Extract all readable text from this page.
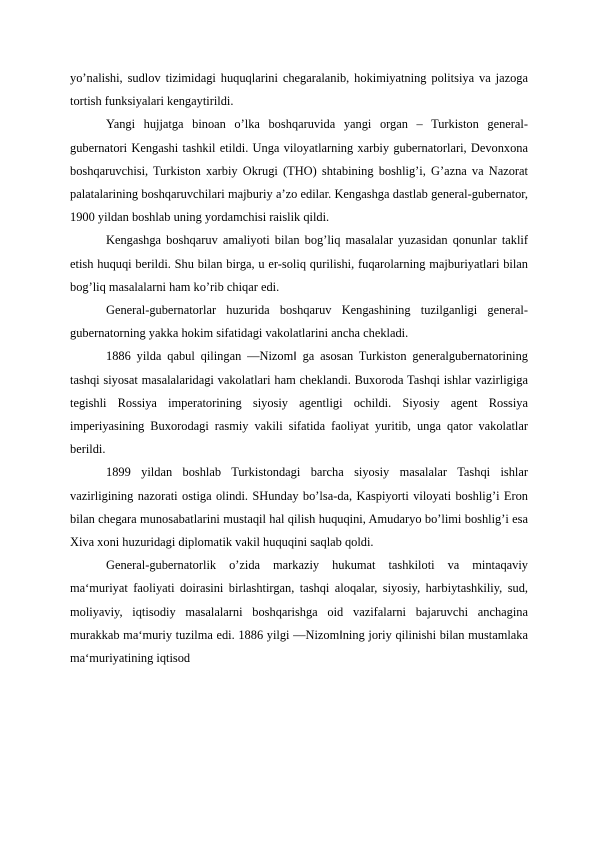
yo’nalishi, sudlov tizimidagi huquqlarini chegaralanib, hokimiyatning politsiya va jazoga tortish funksiyalari kengaytirildi.

Yangi hujjatga binoan o’lka boshqaruvida yangi organ – Turkiston general-gubernatori Kengashi tashkil etildi. Unga viloyatlarning xarbiy gubernatorlari, Devonxona boshqaruvchisi, Turkiston xarbiy Okrugi (THO) shtabining boshlig’i, G’azna va Nazorat palatalarining boshqaruvchilari majburiy a’zo edilar. Kengashga dastlab general-gubernator, 1900 yildan boshlab uning yordamchisi raislik qildi.

Kengashga boshqaruv amaliyoti bilan bog’liq masalalar yuzasidan qonunlar taklif etish huquqi berildi. Shu bilan birga, u er-soliq qurilishi, fuqarolarning majburiyatlari bilan bog’liq masalalarni ham ko’rib chiqar edi.

General-gubernatorlar huzurida boshqaruv Kengashining tuzilganligi general-gubernatorning yakka hokim sifatidagi vakolatlarini ancha chekladi.

1886 yilda qabul qilingan ―Nizom‖ ga asosan Turkiston generalgubernatorining tashqi siyosat masalalaridagi vakolatlari ham cheklandi. Buxoroda Tashqi ishlar vazirligiga tegishli Rossiya imperatorining siyosiy agentligi ochildi. Siyosiy agent Rossiya imperiyasining Buxorodagi rasmiy vakili sifatida faoliyat yuritib, unga qator vakolatlar berildi.

1899 yildan boshlab Turkistondagi barcha siyosiy masalalar Tashqi ishlar vazirligining nazorati ostiga olindi. SHunday bo’lsa-da, Kaspiyorti viloyati boshlig’i Eron bilan chegara munosabatlarini mustaqil hal qilish huquqini, Amudaryo bo’limi boshlig’i esa Xiva xoni huzuridagi diplomatik vakil huquqini saqlab qoldi.

General-gubernatorlik o’zida markaziy hukumat tashkiloti va mintaqaviy ma‘muriyat faoliyati doirasini birlashtirgan, tashqi aloqalar, siyosiy, harbiytashkiliy, sud, moliyaviy, iqtisodiy masalalarni boshqarishga oid vazifalarni bajaruvchi anchagina murakkab ma‘muriy tuzilma edi. 1886 yilgi ―Nizom‖ning joriy qilinishi bilan mustamlaka ma‘muriyatining iqtisod
